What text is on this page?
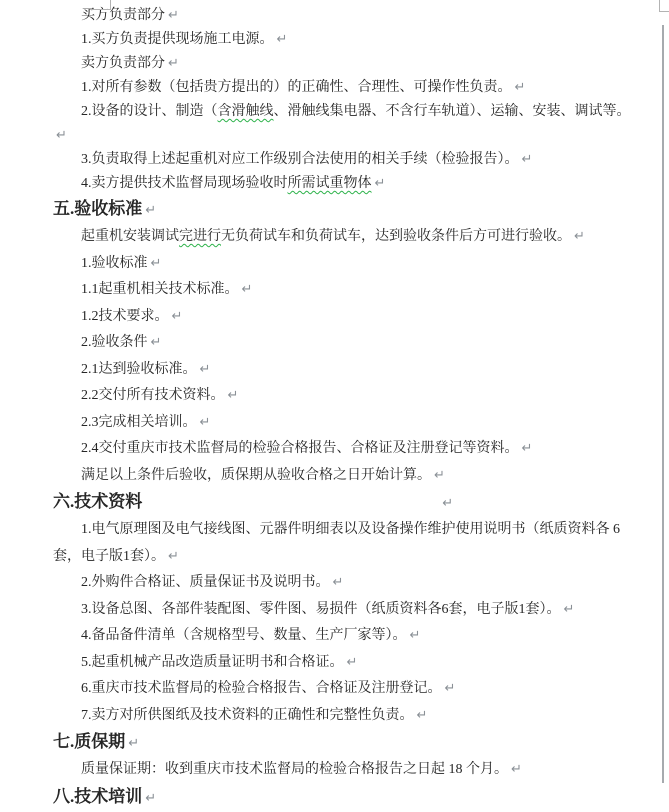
买方负责部分 ↵

1.买方负责提供现场施工电源。 ↵

卖方负责部分 ↵

1.对所有参数（包括贵方提出的）的正确性、合理性、可操作性负责。 ↵

2.设备的设计、制造（含滑触线、滑触线集电器、不含行车轨道）、运输、安装、调试等。↵

3.负责取得上述起重机对应工作级别合法使用的相关手续（检验报告）。 ↵

4.卖方提供技术监督局现场验收时所需试重物体 ↵

五.验收标准 ↵

起重机安装调试完进行无负荷试车和负荷试车，达到验收条件后方可进行验收。 ↵

1.验收标准 ↵

1.1起重机相关技术标准。 ↵

1.2技术要求。 ↵

2.验收条件 ↵

2.1达到验收标准。 ↵

2.2交付所有技术资料。 ↵

2.3完成相关培训。 ↵

2.4交付重庆市技术监督局的检验合格报告、合格证及注册登记等资料。 ↵

满足以上条件后验收，质保期从验收合格之日开始计算。 ↵

六.技术资料	↵

1.电气原理图及电气接线图、元器件明细表以及设备操作维护使用说明书（纸质资料各 6

套，电子版1套）。 ↵

2.外购件合格证、质量保证书及说明书。 ↵

3.设备总图、各部件装配图、零件图、易损件（纸质资料各6套，电子版1套）。 ↵

4.备品备件清单（含规格型号、数量、生产厂家等）。 ↵

5.起重机械产品改造质量证明书和合格证。 ↵

6.重庆市技术监督局的检验合格报告、合格证及注册登记。 ↵

7.卖方对所供图纸及技术资料的正确性和完整性负责。 ↵

七.质保期 ↵

质量保证期：收到重庆市技术监督局的检验合格报告之日起 18 个月。 ↵

八.技术培训 ↵
